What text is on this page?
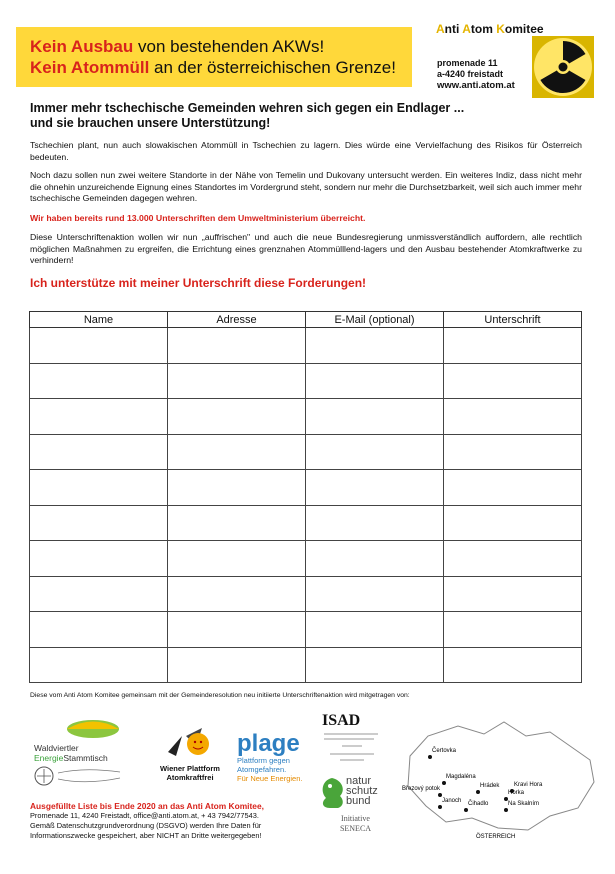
Kein Ausbau von bestehenden AKWs!
Kein Atommüll an der österreichischen Grenze!
Anti Atom Komitee
promenade 11
a-4240 freistadt
www.anti.atom.at
Immer mehr tschechische Gemeinden wehren sich gegen ein Endlager ...
und sie brauchen unsere Unterstützung!
Tschechien plant, nun auch slowakischen Atommüll in Tschechien zu lagern. Dies würde eine Vervielfachung des Risikos für Österreich bedeuten.
Noch dazu sollen nun zwei weitere Standorte in der Nähe von Temelin und Dukovany untersucht werden. Ein weiteres Indiz, dass nicht mehr die ohnehin unzureichende Eignung eines Standortes im Vordergrund steht, sondern nur mehr die Durchsetzbarkeit, weil sich auch immer mehr tschechische Gemeinden dagegen wehren.
Wir haben bereits rund 13.000 Unterschriften dem Umweltministerium überreicht.
Diese Unterschriftenaktion wollen wir nun „auffrischen" und auch die neue Bundesregierung unmissverständlich auffordern, alle rechtlich möglichen Maßnahmen zu ergreifen, die Errichtung eines grenznahen Atommülllend-lagers und den Ausbau bestehender Atomkraftwerke zu verhindern!
Ich unterstütze mit meiner Unterschrift diese Forderungen!
Name	Adresse	E-Mail (optional)	Unterschrift

Diese vom Anti Atom Komitee gemeinsam mit der Gemeinderesolution neu initiierte Unterschriftenaktion wird mitgetragen von:
Waldviertler EnergieStammtisch
Wiener Plattform
Atomkraftfrei
plage
Plattform gegen
Atomgefahren.
Für Neue Energien.
ISAD
natur
schutz
bund
Initiative
SENECA
Čertovka
Magdaléna
Březový potok	Hrádek Kravi Hora
Janoch Čihadlo
Horka
Na Skalním
ÖSTERREICH
Ausgefüllte Liste bis Ende 2020 an das Anti Atom Komitee,
Promenade 11, 4240 Freistadt, office@anti.atom.at, + 43 7942/77543.
Gemäß Datenschutzgrundverordnung (DSGVO) werden Ihre Daten für
Informationszwecke gespeichert, aber NICHT an Dritte weitergegeben!
